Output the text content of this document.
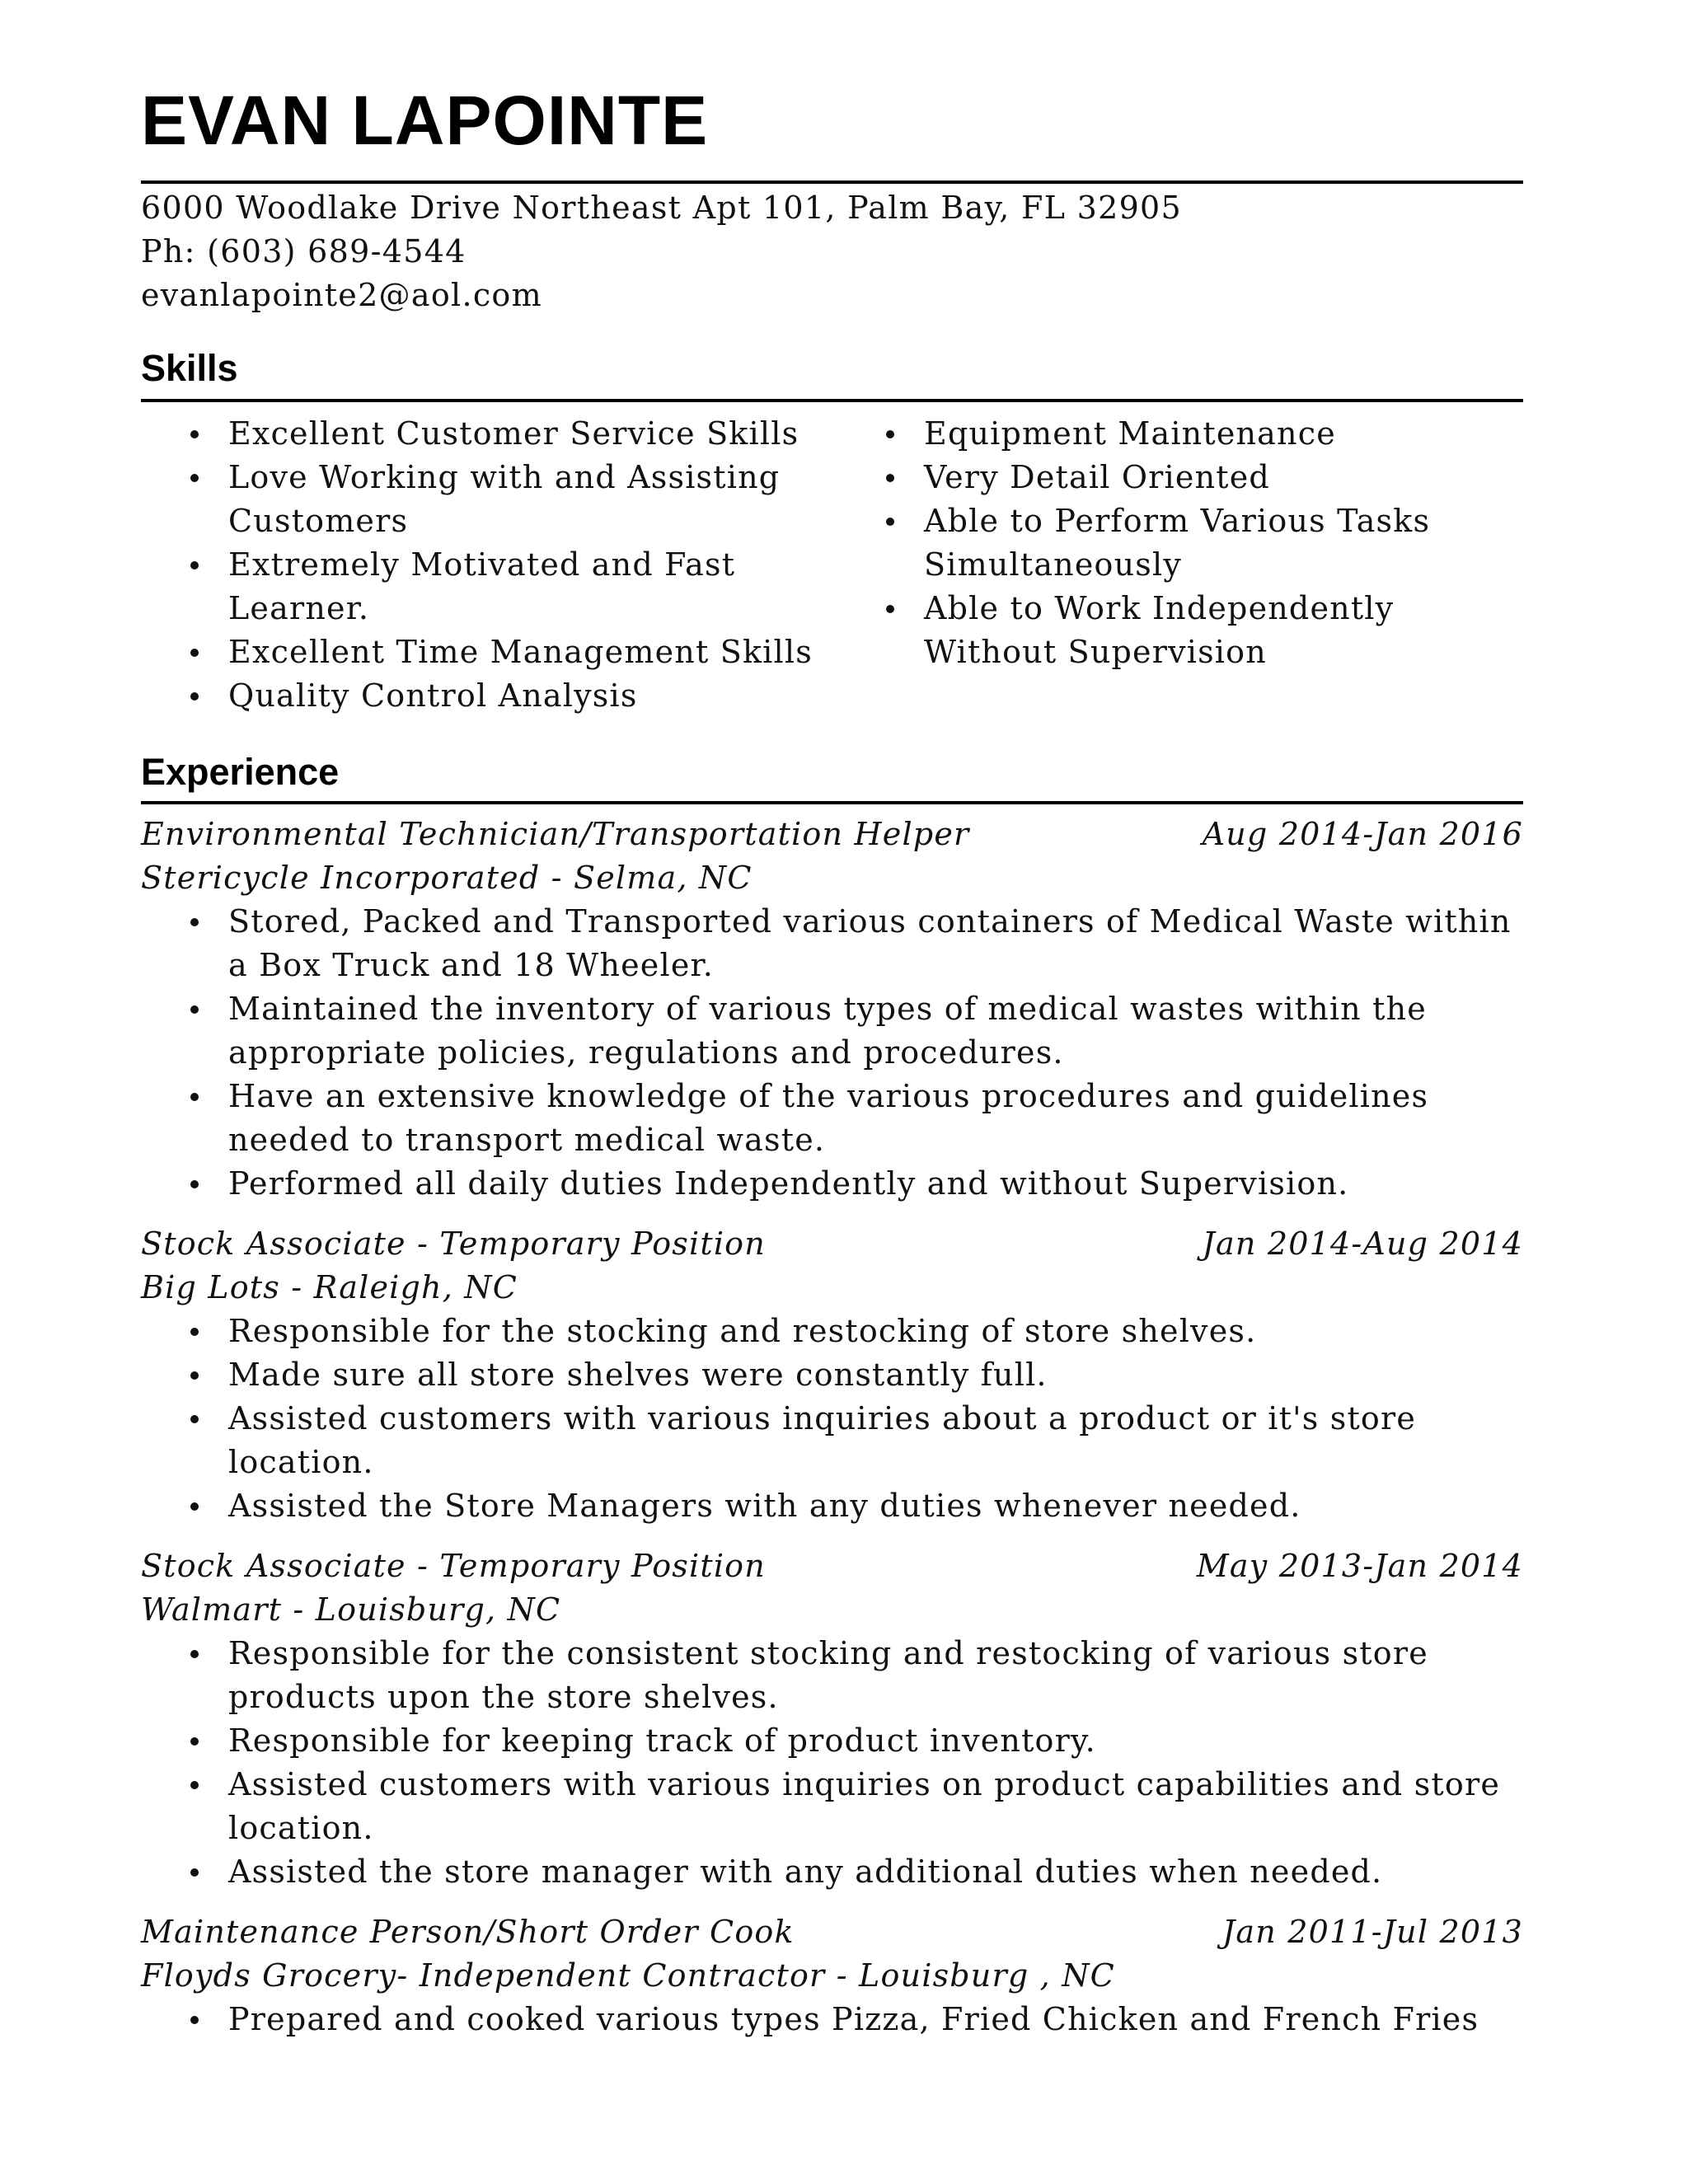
EVAN LAPOINTE
6000 Woodlake Drive Northeast Apt 101, Palm Bay, FL 32905
Ph: (603) 689-4544
evanlapointe2@aol.com
Skills
Excellent Customer Service Skills
Love Working with and Assisting Customers
Extremely Motivated and Fast Learner.
Excellent Time Management Skills
Quality Control Analysis
Equipment Maintenance
Very Detail Oriented
Able to Perform Various Tasks Simultaneously
Able to Work Independently Without Supervision
Experience
Environmental Technician/Transportation Helper	Aug 2014-Jan 2016
Stericycle Incorporated - Selma, NC
Stored, Packed and Transported various containers of Medical Waste within a Box Truck and 18 Wheeler.
Maintained the inventory of various types of medical wastes within the appropriate policies, regulations and procedures.
Have an extensive knowledge of the various procedures and guidelines needed to transport medical waste.
Performed all daily duties Independently and without Supervision.
Stock Associate - Temporary Position	Jan 2014-Aug 2014
Big Lots - Raleigh, NC
Responsible for the stocking and restocking of store shelves.
Made sure all store shelves were constantly full.
Assisted customers with various inquiries about a product or it's store location.
Assisted the Store Managers with any duties whenever needed.
Stock Associate - Temporary Position	May 2013-Jan 2014
Walmart - Louisburg, NC
Responsible for the consistent stocking and restocking of various store products upon the store shelves.
Responsible for keeping track of product inventory.
Assisted customers with various inquiries on product capabilities and store location.
Assisted the store manager with any additional duties when needed.
Maintenance Person/Short Order Cook	Jan 2011-Jul 2013
Floyds Grocery- Independent Contractor - Louisburg , NC
Prepared and cooked various types Pizza, Fried Chicken and French Fries
